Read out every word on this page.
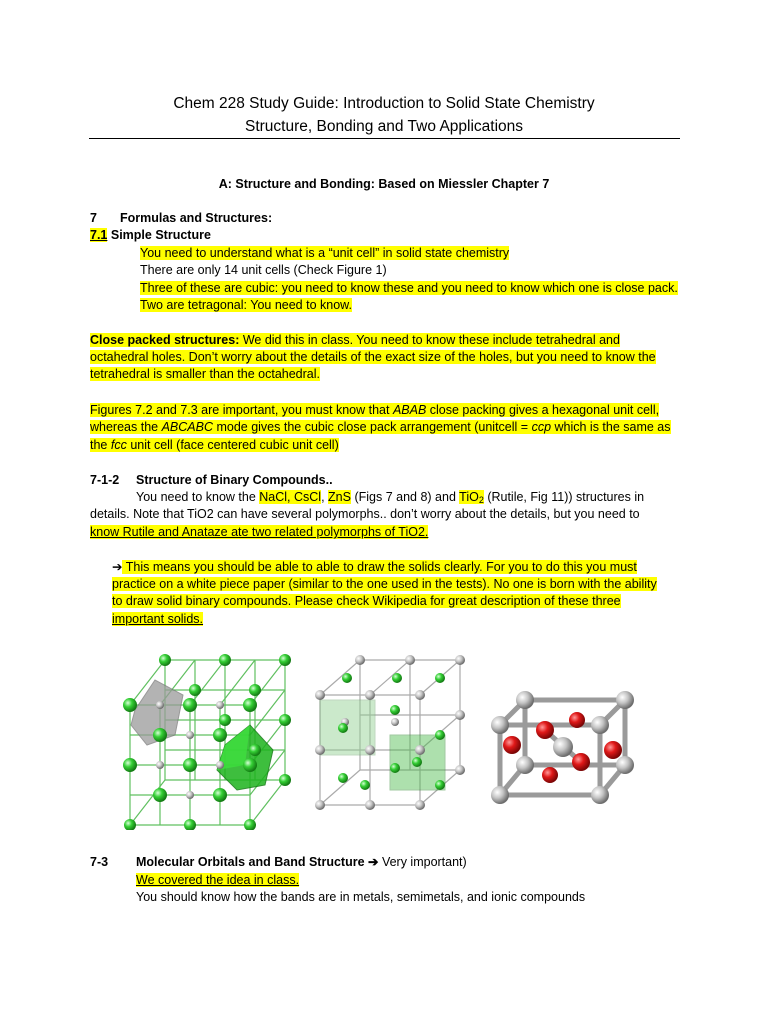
Chem 228 Study Guide: Introduction to Solid State Chemistry
Structure, Bonding and Two Applications
A: Structure and Bonding: Based on Miessler Chapter 7
7 Formulas and Structures:
7.1 Simple Structure
You need to understand what is a “unit cell” in solid state chemistry
There are only 14 unit cells (Check Figure 1)
Three of these are cubic: you need to know these and you need to know which one is close pack.
Two are tetragonal: You need to know.
Close packed structures: We did this in class. You need to know these include tetrahedral and
octahedral holes. Don’t worry about the details of the exact size of the holes, but you need to know the
tetrahedral is smaller than the octahedral.
Figures 7.2 and 7.3 are important, you must know that ABAB close packing gives a hexagonal unit cell,
whereas the ABCABC mode gives the cubic close pack arrangement (unitcell = ccp which is the same as
the fcc unit cell (face centered cubic unit cell)
7-1-2 Structure of Binary Compounds..
You need to know the NaCl, CsCl, ZnS (Figs 7 and 8) and TiO$_2$ (Rutile, Fig 11)) structures in
details. Note that TiO2 can have several polymorphs.. don’t worry about the details, but you need to
know Rutile and Anataze ate two related polymorphs of TiO2.
➔ This means you should be able to able to draw the solids clearly. For you to do this you must
practice on a white piece paper (similar to the one used in the tests). No one is born with the ability
to draw solid binary compounds. Please check Wikipedia for great description of these three
important solids.
7-3 Molecular Orbitals and Band Structure ➔ Very important)
We covered the idea in class.
You should know how the bands are in metals, semimetals, and ionic compounds
